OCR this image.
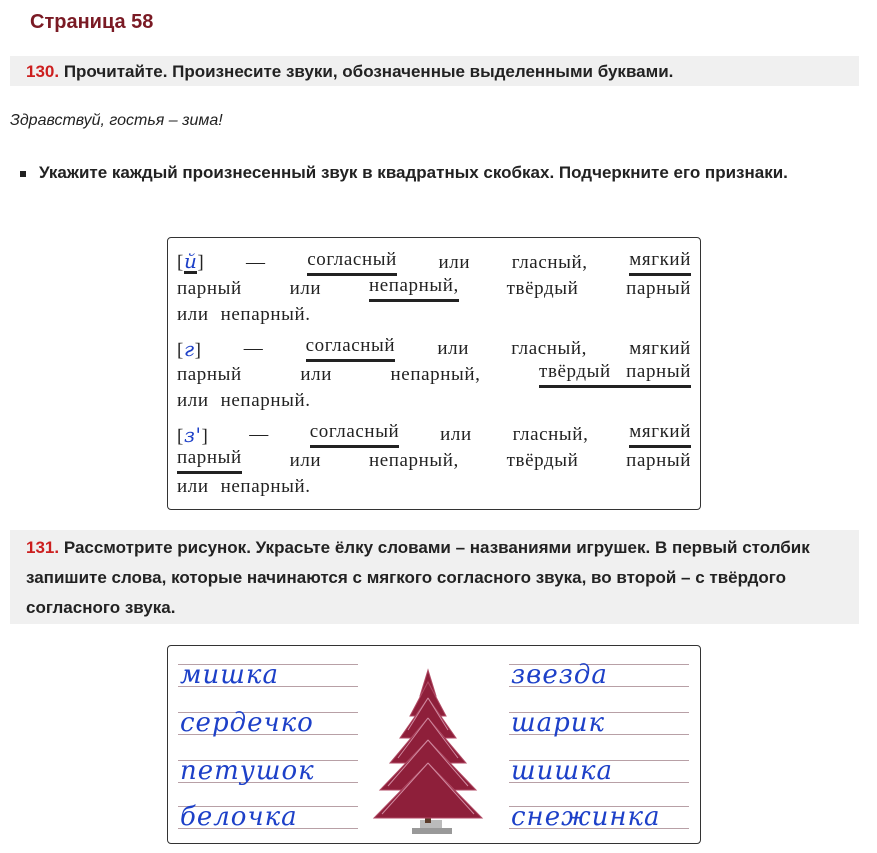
Страница 58
130. Прочитайте. Произнесите звуки, обозначенные выделенными буквами.

Здравствуй, гостья – зима!

Укажите каждый произнесенный звук в квадратных скобках. Подчеркните его признаки.
[й] — согласный или гласный, мягкий
парный	или	непарный,	твёрдый	парный
или непарный.
[г] — согласный или гласный, мягкий
парный	или	непарный,	твёрдый парный
или непарный.
[з'] — согласный или гласный, мягкий
парный	или	непарный,	твёрдый	парный
или непарный.
131. Рассмотрите рисунок. Украсьте ёлку словами – названиями игрушек. В первый столбик запишите слова, которые начинаются с мягкого согласного звука, во второй – с твёрдого согласного звука.
мишка
сердечко
петушок
белочка
звезда
шарик
шишка
снежинка
